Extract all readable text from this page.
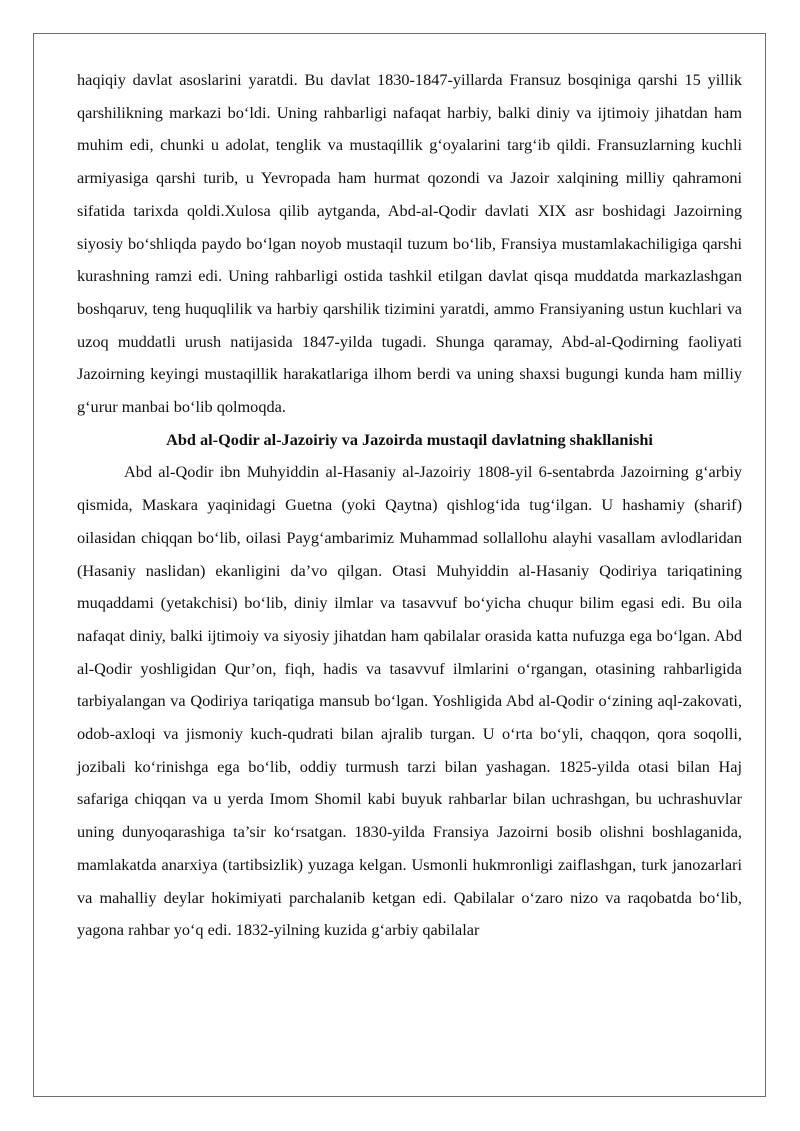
haqiqiy davlat asoslarini yaratdi. Bu davlat 1830-1847-yillarda Fransuz bosqiniga qarshi 15 yillik qarshilikning markazi bo‘ldi. Uning rahbarligi nafaqat harbiy, balki diniy va ijtimoiy jihatdan ham muhim edi, chunki u adolat, tenglik va mustaqillik g‘oyalarini targ‘ib qildi. Fransuzlarning kuchli armiyasiga qarshi turib, u Yevropada ham hurmat qozondi va Jazoir xalqining milliy qahramoni sifatida tarixda qoldi.Xulosa qilib aytganda, Abd-al-Qodir davlati XIX asr boshidagi Jazoirning siyosiy bo‘shliqda paydo bo‘lgan noyob mustaqil tuzum bo‘lib, Fransiya mustamlakachiligiga qarshi kurashning ramzi edi. Uning rahbarligi ostida tashkil etilgan davlat qisqa muddatda markazlashgan boshqaruv, teng huquqlilik va harbiy qarshilik tizimini yaratdi, ammo Fransiyaning ustun kuchlari va uzoq muddatli urush natijasida 1847-yilda tugadi. Shunga qaramay, Abd-al-Qodirning faoliyati Jazoirning keyingi mustaqillik harakatlariga ilhom berdi va uning shaxsi bugungi kunda ham milliy g‘urur manbai bo‘lib qolmoqda.

Abd al-Qodir al-Jazoiriy va Jazoirda mustaqil davlatning shakllanishi

Abd al-Qodir ibn Muhyiddin al-Hasaniy al-Jazoiriy 1808-yil 6-sentabrda Jazoirning g‘arbiy qismida, Maskara yaqinidagi Guetna (yoki Qaytna) qishlog‘ida tug‘ilgan. U hashamiy (sharif) oilasidan chiqqan bo‘lib, oilasi Payg‘ambarimiz Muhammad sollallohu alayhi vasallam avlodlaridan (Hasaniy naslidan) ekanligini da’vo qilgan. Otasi Muhyiddin al-Hasaniy Qodiriya tariqatining muqaddami (yetakchisi) bo‘lib, diniy ilmlar va tasavvuf bo‘yicha chuqur bilim egasi edi. Bu oila nafaqat diniy, balki ijtimoiy va siyosiy jihatdan ham qabilalar orasida katta nufuzga ega bo‘lgan. Abd al-Qodir yoshligidan Qur’on, fiqh, hadis va tasavvuf ilmlarini o‘rgangan, otasining rahbarligida tarbiyalangan va Qodiriya tariqatiga mansub bo‘lgan. Yoshligida Abd al-Qodir o‘zining aql-zakovati, odob-axloqi va jismoniy kuch-qudrati bilan ajralib turgan. U o‘rta bo‘yli, chaqqon, qora soqolli, jozibali ko‘rinishga ega bo‘lib, oddiy turmush tarzi bilan yashagan. 1825-yilda otasi bilan Haj safariga chiqqan va u yerda Imom Shomil kabi buyuk rahbarlar bilan uchrashgan, bu uchrashuvlar uning dunyoqarashiga ta’sir ko‘rsatgan. 1830-yilda Fransiya Jazoirni bosib olishni boshlaganida, mamlakatda anarxiya (tartibsizlik) yuzaga kelgan. Usmonli hukmronligi zaiflashgan, turk janozarlari va mahalliy deylar hokimiyati parchalanib ketgan edi. Qabilalar o‘zaro nizo va raqobatda bo‘lib, yagona rahbar yo‘q edi. 1832-yilning kuzida g‘arbiy qabilalar
